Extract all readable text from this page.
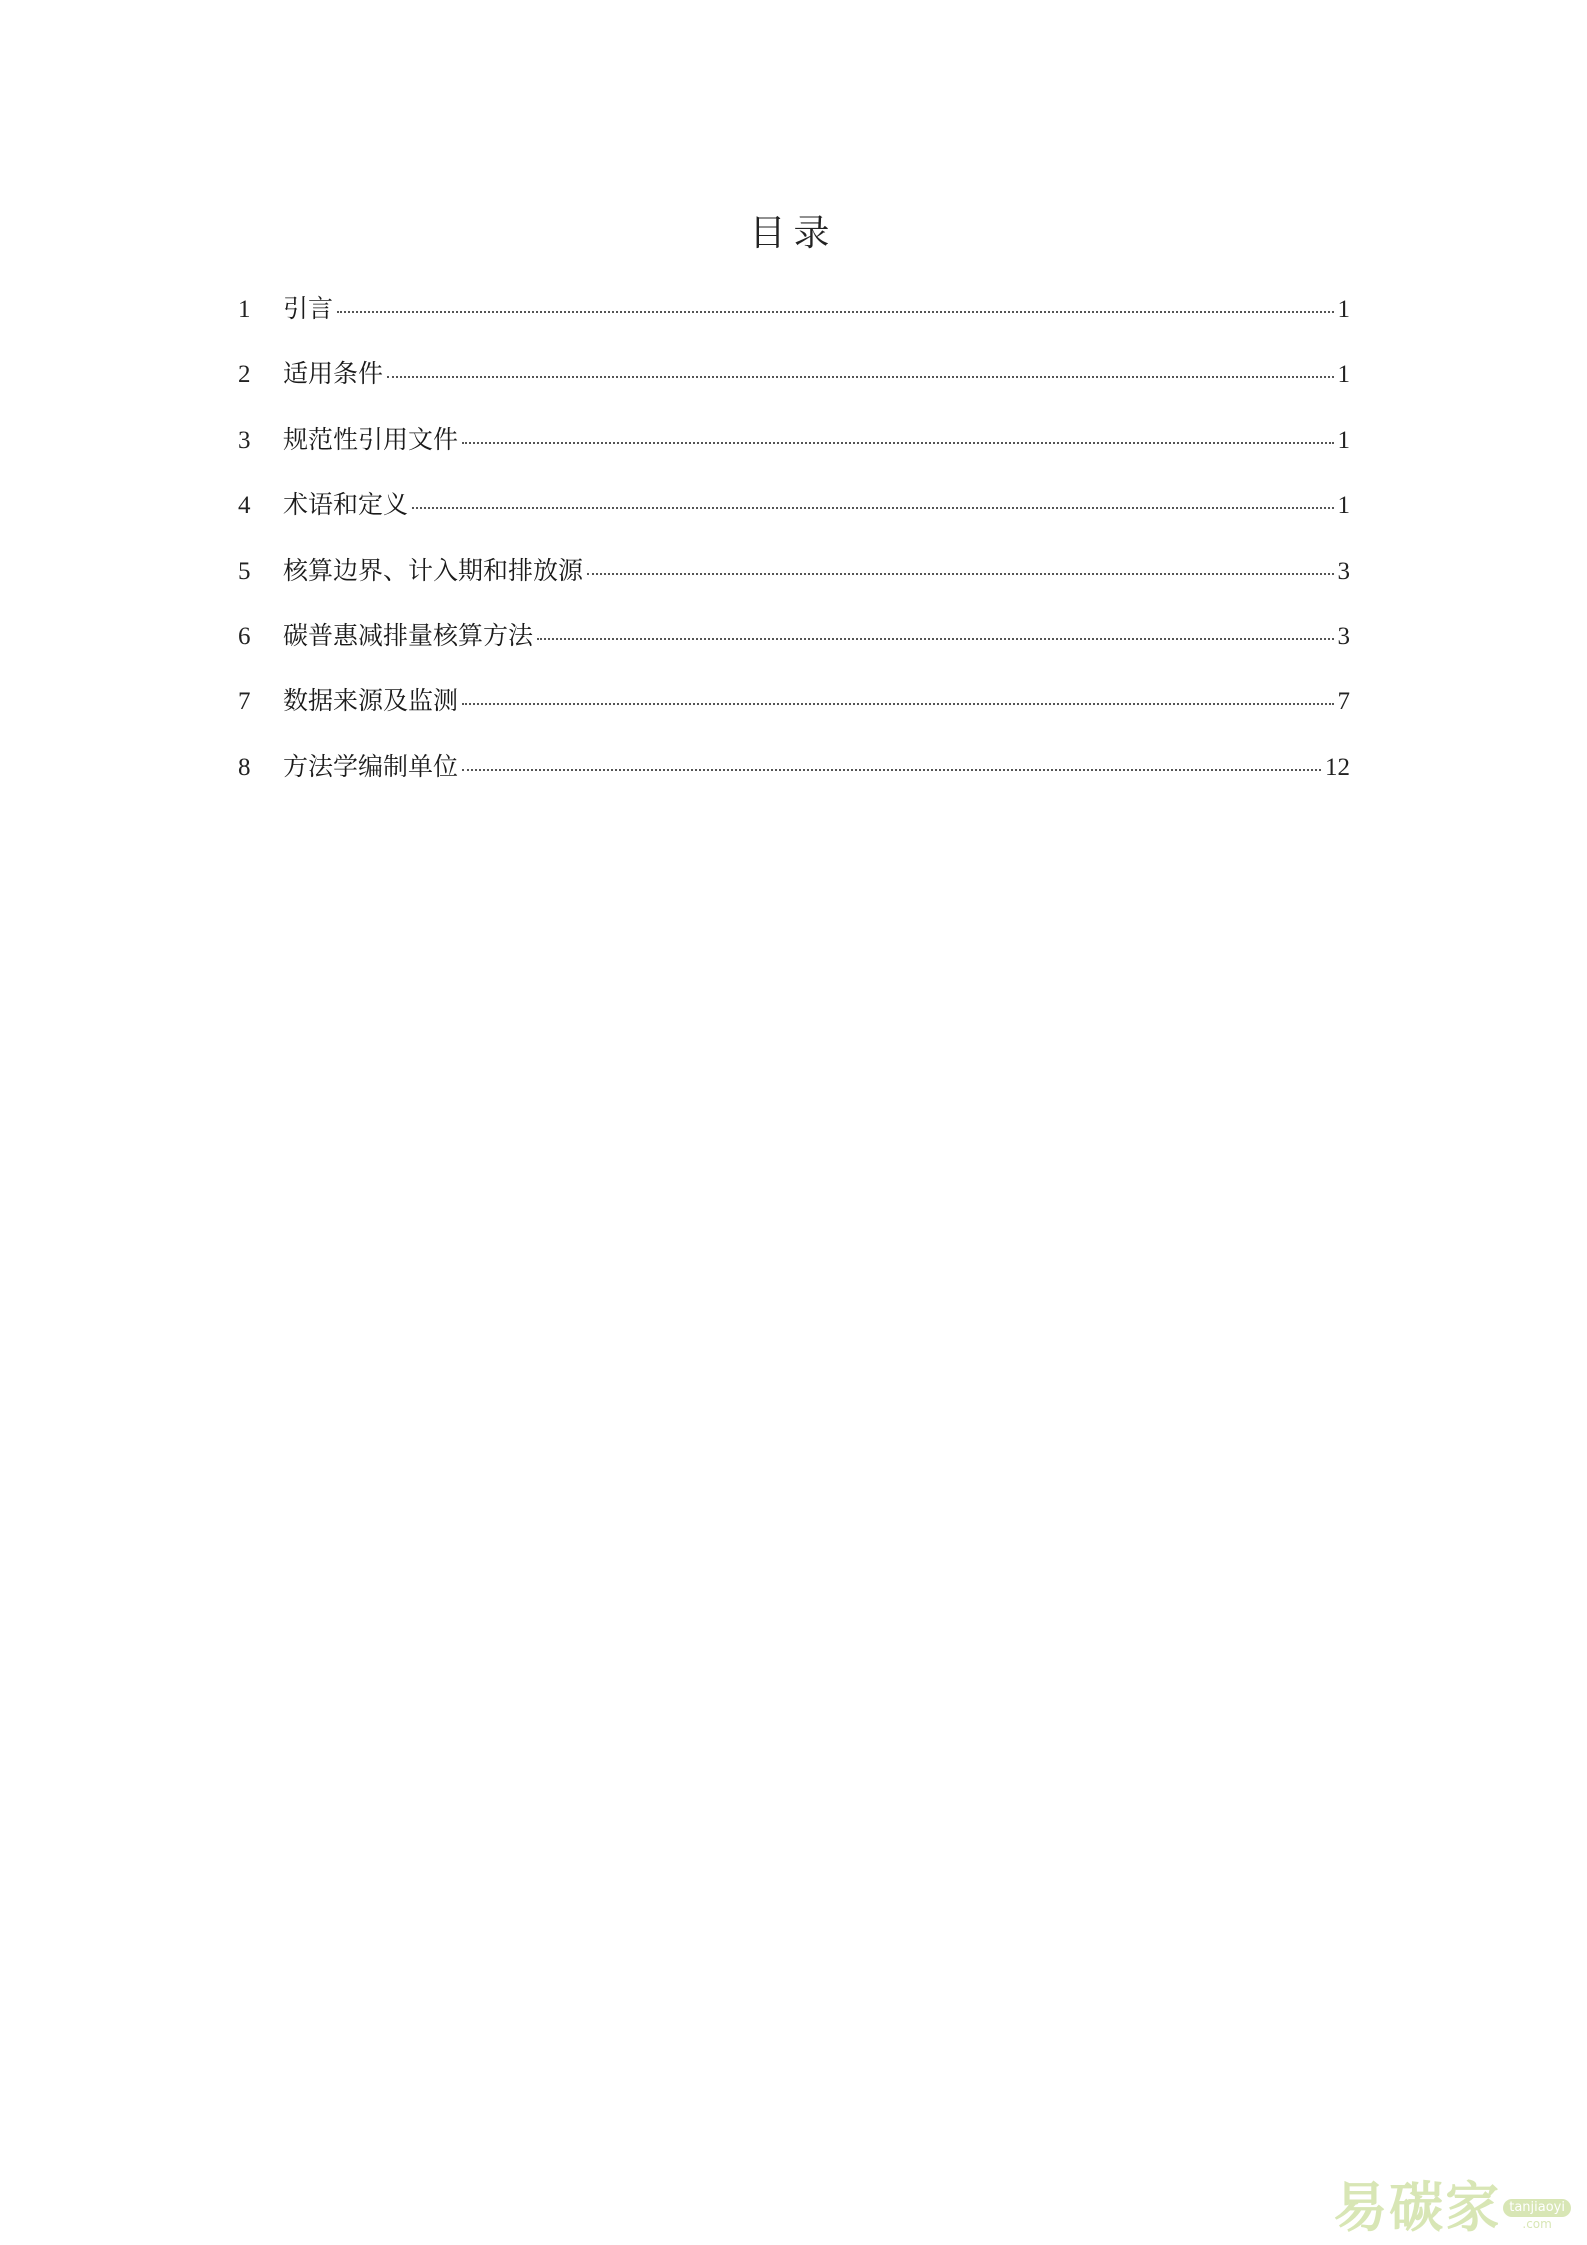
目录
1	引言	1
2	适用条件	1
3	规范性引用文件	1
4	术语和定义	1
5	核算边界、计入期和排放源	3
6	碳普惠减排量核算方法	3
7	数据来源及监测	7
8	方法学编制单位	12
易碳家 tanjiaoyi
.com
